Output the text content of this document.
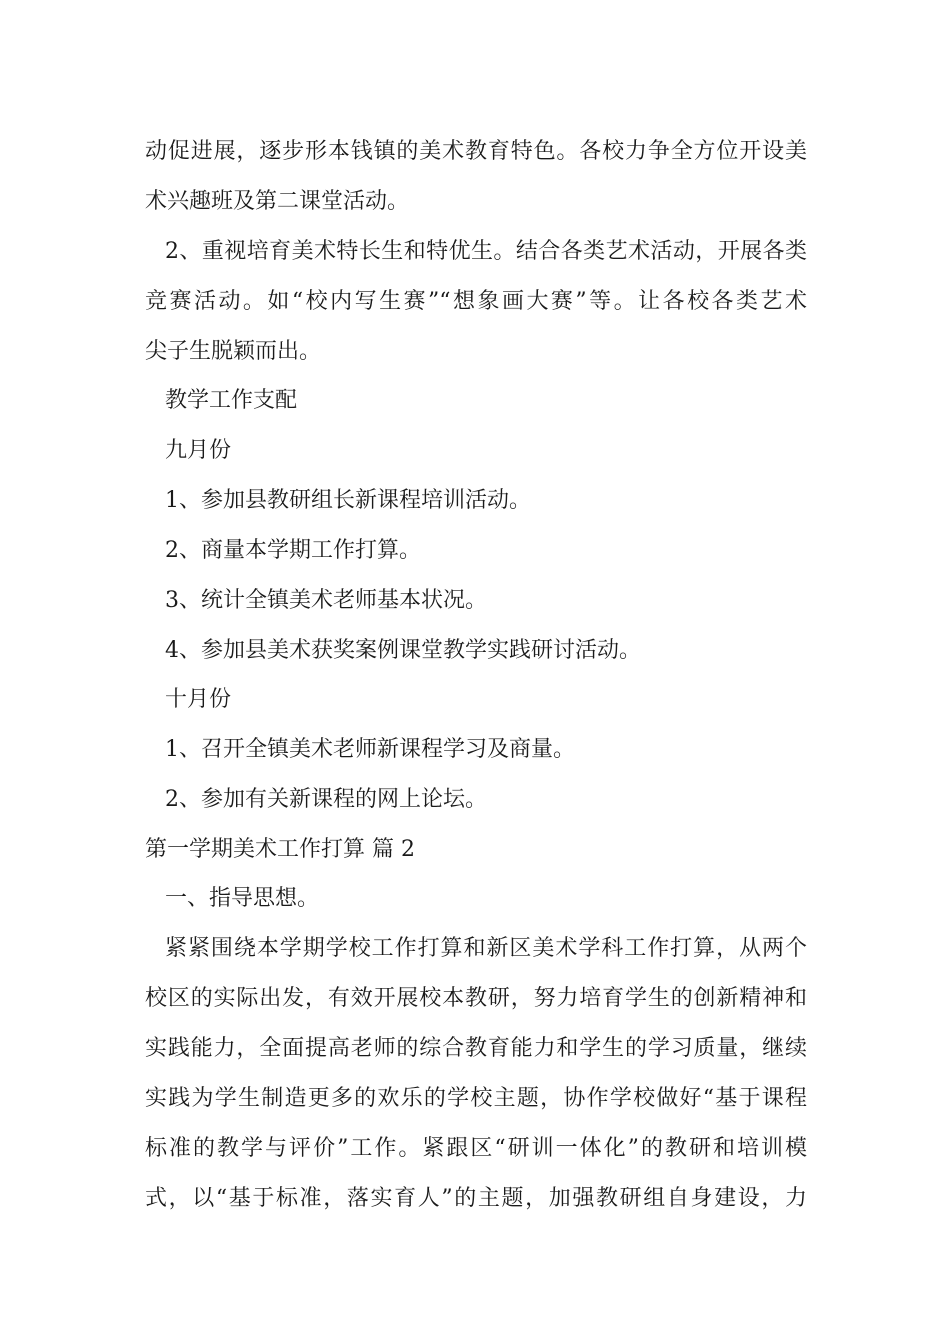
动促进展，逐步形本钱镇的美术教育特色。各校力争全方位开设美
术兴趣班及第二课堂活动。
2、重视培育美术特长生和特优生。结合各类艺术活动，开展各类
竞赛活动。如“校内写生赛”“想象画大赛”等。让各校各类艺术
尖子生脱颖而出。
教学工作支配
九月份
1、参加县教研组长新课程培训活动。
2、商量本学期工作打算。
3、统计全镇美术老师基本状况。
4、参加县美术获奖案例课堂教学实践研讨活动。
十月份
1、召开全镇美术老师新课程学习及商量。
2、参加有关新课程的网上论坛。
第一学期美术工作打算 篇 2
一、指导思想。
紧紧围绕本学期学校工作打算和新区美术学科工作打算，从两个
校区的实际出发，有效开展校本教研，努力培育学生的创新精神和
实践能力，全面提高老师的综合教育能力和学生的学习质量，继续
实践为学生制造更多的欢乐的学校主题，协作学校做好“基于课程
标准的教学与评价”工作。紧跟区“研训一体化”的教研和培训模
式，以“基于标准，落实育人”的主题，加强教研组自身建设，力
